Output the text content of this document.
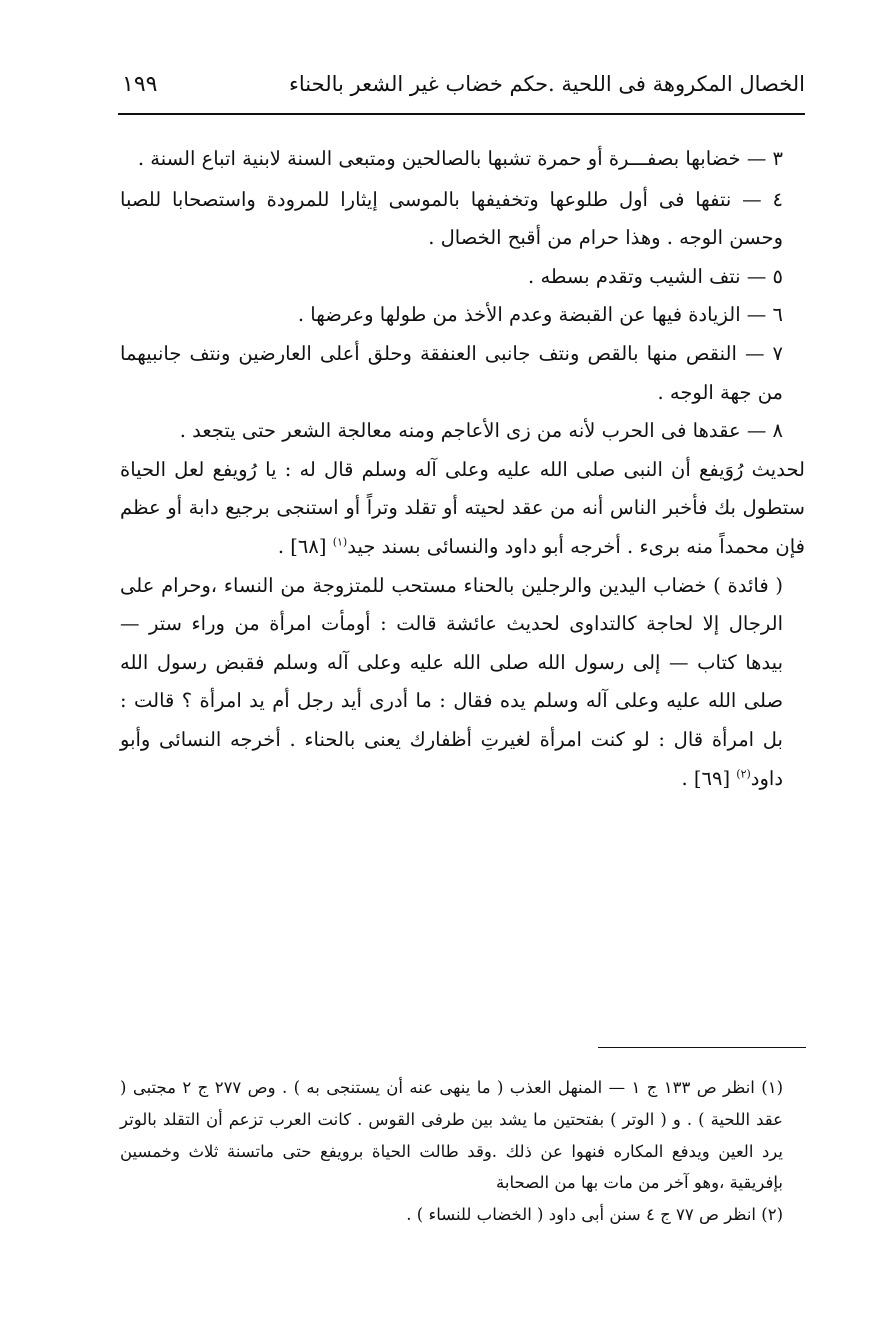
الخصال المكروهة فى اللحية .حكم خضاب غير الشعر بالحناء
١٩٩

٣ — خضابها بصفـــرة أو حمرة تشبها بالصالحين ومتبعى السنة لابنية اتباع السنة .

٤ — نتفها فى أول طلوعها وتخفيفها بالموسى إيثارا للمرودة واستصحابا للصبا وحسن الوجه . وهذا حرام من أقبح الخصال .

٥ — نتف الشيب وتقدم بسطه .

٦ — الزيادة فيها عن القبضة وعدم الأخذ من طولها وعرضها .

٧ — النقص منها بالقص ونتف جانبى العنفقة وحلق أعلى العارضين ونتف جانبيهما من جهة الوجه .

٨ — عقدها فى الحرب لأنه من زى الأعاجم ومنه معالجة الشعر حتى يتجعد .

لحديث رُوَيفع أن النبى صلى الله عليه وعلى آله وسلم قال له : يا رُويفع لعل الحياة ستطول بك فأخبر الناس أنه من عقد لحيته أو تقلد وتراً أو استنجى برجيع دابة أو عظم فإن محمداً منه برىء . أخرجه أبو داود والنسائى بسند جيد$^{(١)}$ [٦٨] .

( فائدة ) خضاب اليدين والرجلين بالحناء مستحب للمتزوجة من النساء ،وحرام على الرجال إلا لحاجة كالتداوى لحديث عائشة قالت : أومأت امرأة من وراء ستر — بيدها كتاب — إلى رسول الله صلى الله عليه وعلى آله وسلم فقبض رسول الله صلى الله عليه وعلى آله وسلم يده فقال : ما أدرى أيد رجل أم يد امرأة ؟ قالت : بل امرأة قال : لو كنت امرأة لغيرتِ أظفارك يعنى بالحناء . أخرجه النسائى وأبو داود$^{(٢)}$ [٦٩] .

(١) انظر ص ١٣٣ ج ١ — المنهل العذب ( ما ينهى عنه أن يستنجى به ) . وص ٢٧٧ ج ٢ مجتبى ( عقد اللحية ) . و ( الوتر ) بفتحتين ما يشد بين طرفى القوس . كانت العرب تزعم أن التقلد بالوتر يرد العين ويدفع المكاره فنهوا عن ذلك .وقد طالت الحياة برويفع حتى ماتسنة ثلاث وخمسين بإفريقية ،وهو آخر من مات بها من الصحابة

(٢) انظر ص ٧٧ ج ٤ سنن أبى داود ( الخضاب للنساء ) .
